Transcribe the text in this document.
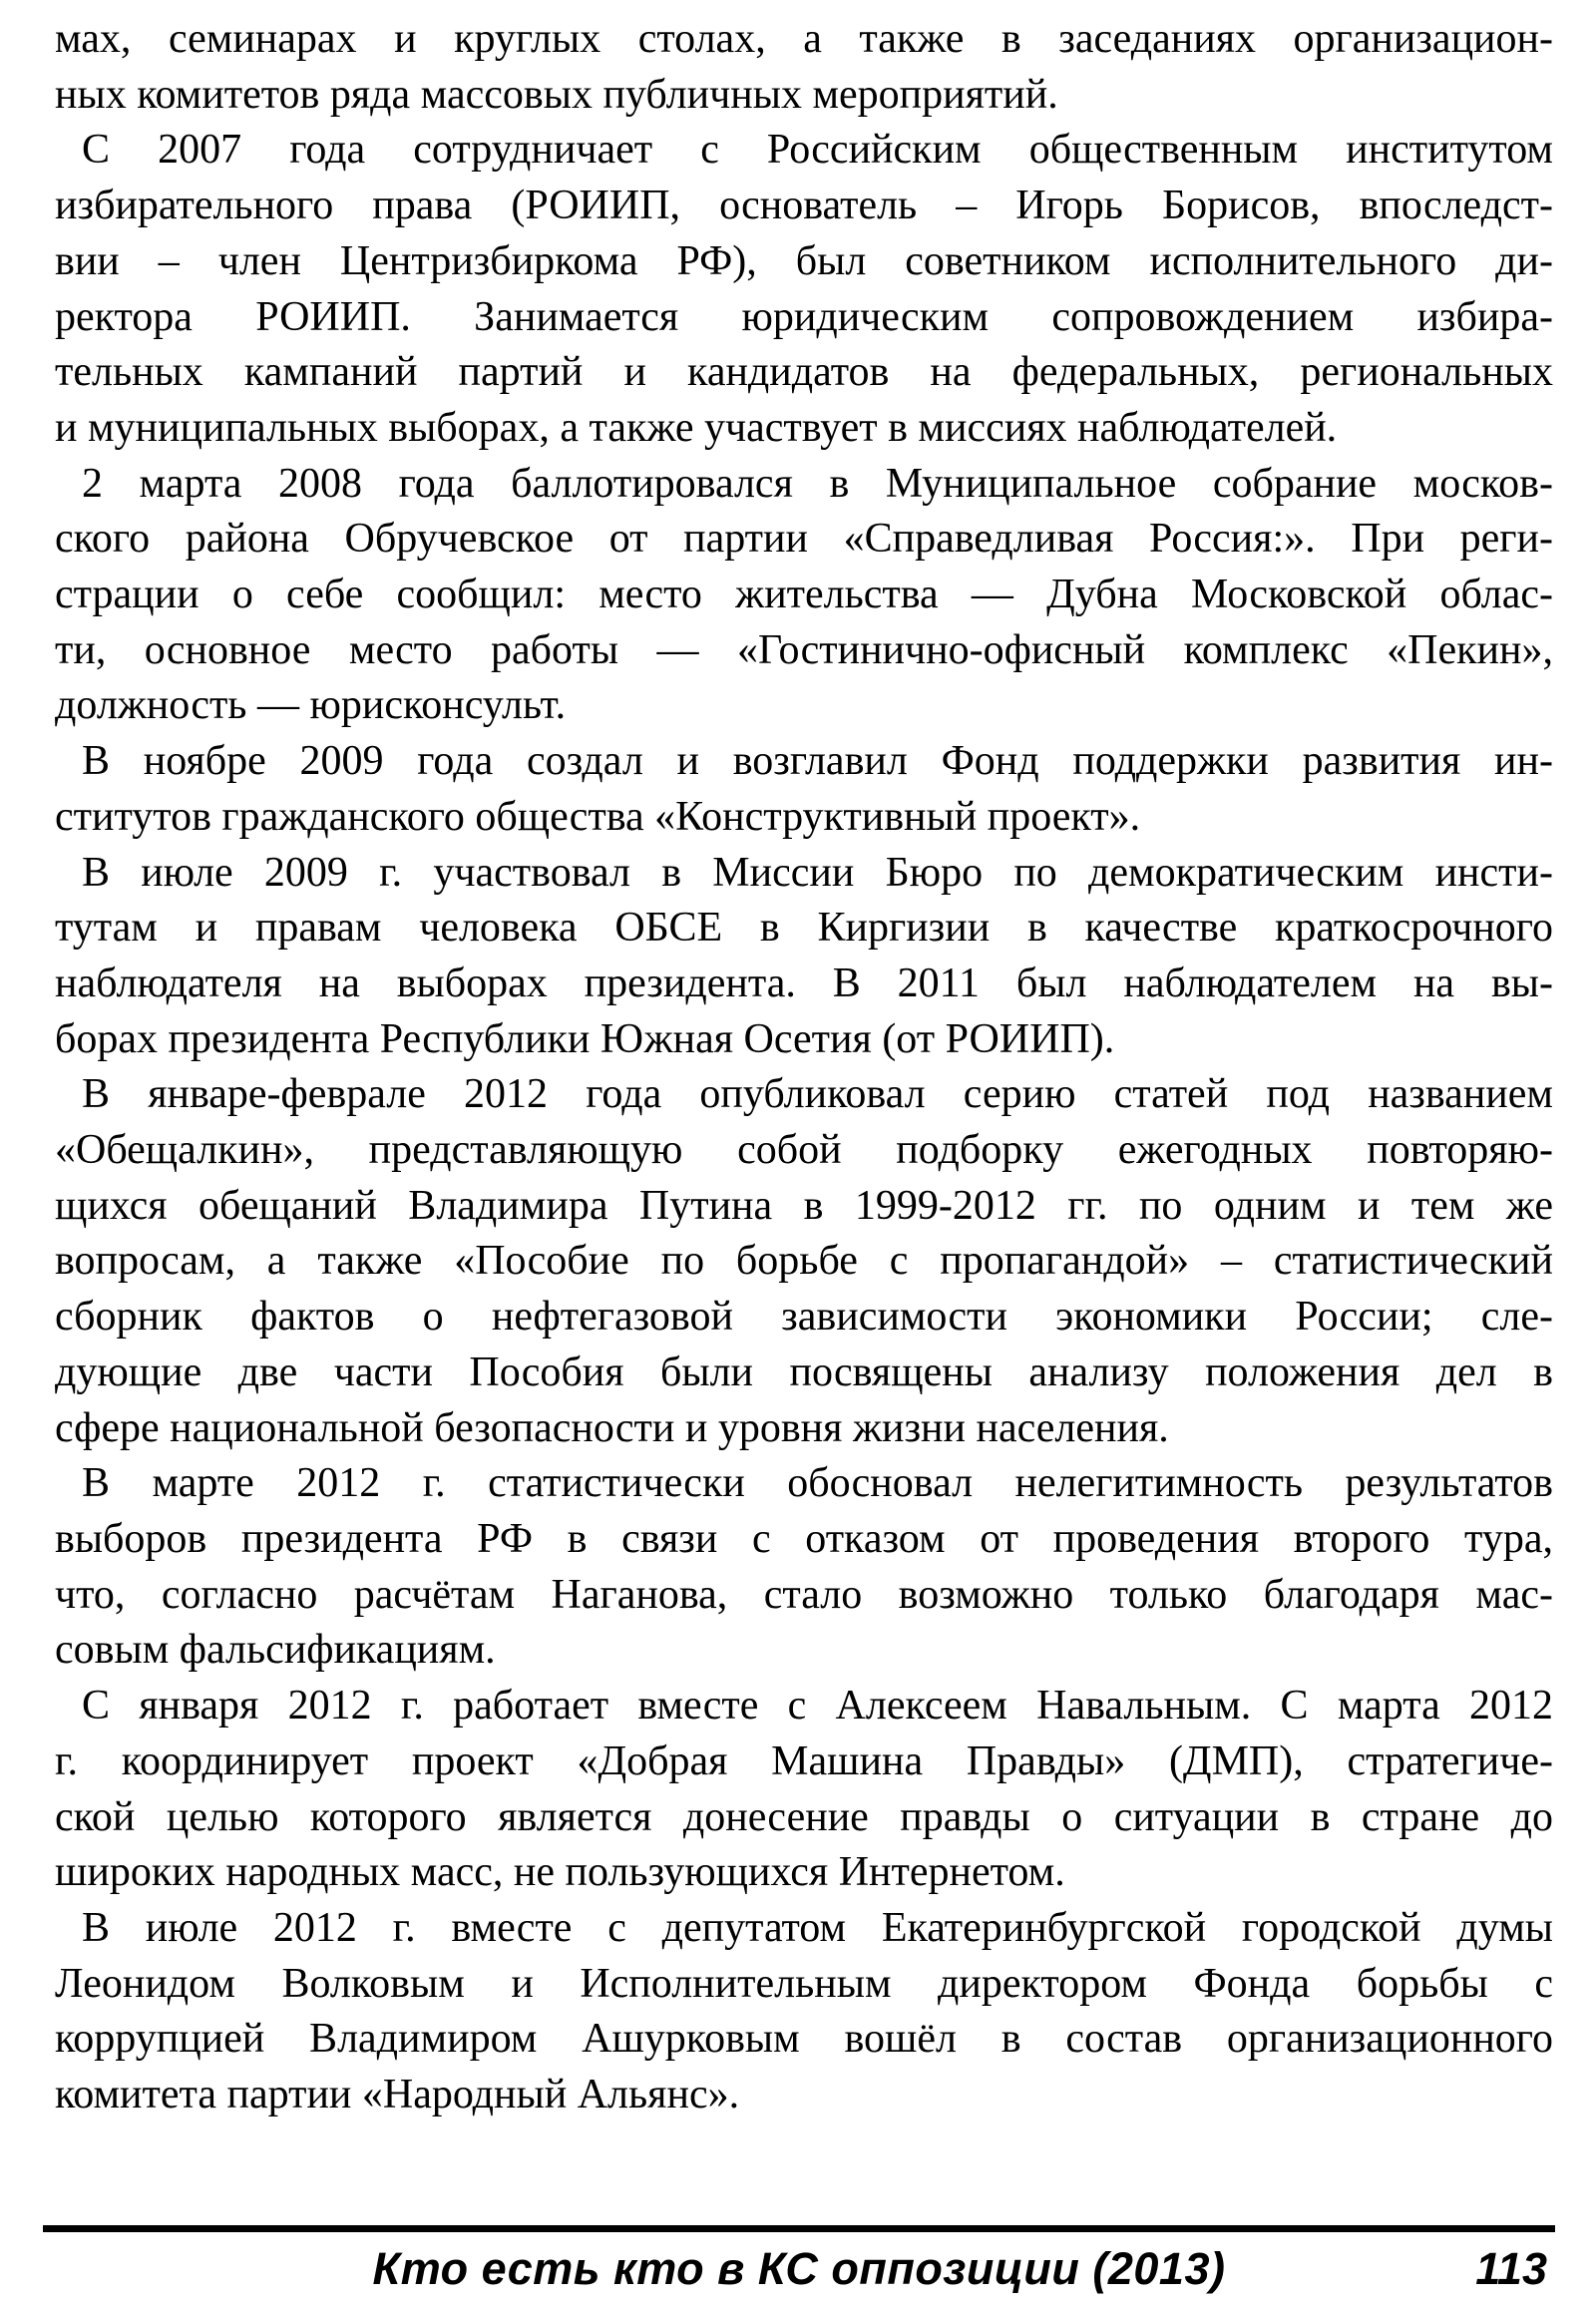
мах, семинарах и круглых столах, а также в заседаниях организацион-
ных комитетов ряда массовых публичных мероприятий.
С 2007 года сотрудничает с Российским общественным институтом
избирательного права (РОИИП, основатель – Игорь Борисов, впоследст-
вии – член Центризбиркома РФ), был советником исполнительного ди-
ректора РОИИП. Занимается юридическим сопровождением избира-
тельных кампаний партий и кандидатов на федеральных, региональных
и муниципальных выборах, а также участвует в миссиях наблюдателей.
2 марта 2008 года баллотировался в Муниципальное собрание москов-
ского района Обручевское от партии «Справедливая Россия:». При реги-
страции о себе сообщил: место жительства — Дубна Московской облас-
ти, основное место работы — «Гостинично-офисный комплекс «Пекин»,
должность — юрисконсульт.
В ноябре 2009 года создал и возглавил Фонд поддержки развития ин-
ститутов гражданского общества «Конструктивный проект».
В июле 2009 г. участвовал в Миссии Бюро по демократическим инсти-
тутам и правам человека ОБСЕ в Киргизии в качестве краткосрочного
наблюдателя на выборах президента. В 2011 был наблюдателем на вы-
борах президента Республики Южная Осетия (от РОИИП).
В январе-феврале 2012 года опубликовал серию статей под названием
«Обещалкин», представляющую собой подборку ежегодных повторяю-
щихся обещаний Владимира Путина в 1999-2012 гг. по одним и тем же
вопросам, а также «Пособие по борьбе с пропагандой» – статистический
сборник фактов о нефтегазовой зависимости экономики России; сле-
дующие две части Пособия были посвящены анализу положения дел в
сфере национальной безопасности и уровня жизни населения.
В марте 2012 г. статистически обосновал нелегитимность результатов
выборов президента РФ в связи с отказом от проведения второго тура,
что, согласно расчётам Наганова, стало возможно только благодаря мас-
совым фальсификациям.
С января 2012 г. работает вместе с Алексеем Навальным. С марта 2012
г. координирует проект «Добрая Машина Правды» (ДМП), стратегиче-
ской целью которого является донесение правды о ситуации в стране до
широких народных масс, не пользующихся Интернетом.
В июле 2012 г. вместе с депутатом Екатеринбургской городской думы
Леонидом Волковым и Исполнительным директором Фонда борьбы с
коррупцией Владимиром Ашурковым вошёл в состав организационного
комитета партии «Народный Альянс».
Кто есть кто в КС оппозиции (2013)	113
